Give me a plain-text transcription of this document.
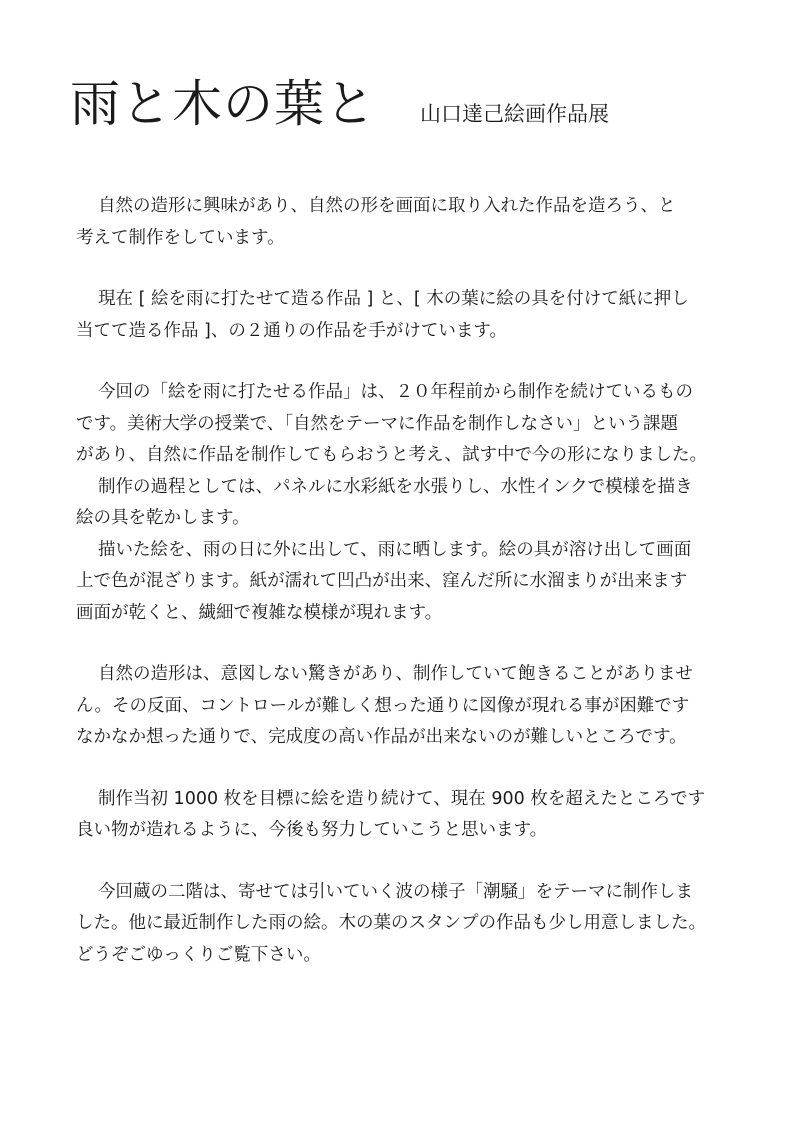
雨と木の葉と 山口達己絵画作品展
自然の造形に興味があり、自然の形を画面に取り入れた作品を造ろう、と
考えて制作をしています。
現在 [ 絵を雨に打たせて造る作品 ] と、[ 木の葉に絵の具を付けて紙に押し
当てて造る作品 ]、の２通りの作品を手がけています。
今回の「絵を雨に打たせる作品」は、２０年程前から制作を続けているもの
です。美術大学の授業で、「自然をテーマに作品を制作しなさい」という課題
があり、自然に作品を制作してもらおうと考え、試す中で今の形になりました。
制作の過程としては、パネルに水彩紙を水張りし、水性インクで模様を描き
絵の具を乾かします。
描いた絵を、雨の日に外に出して、雨に晒します。絵の具が溶け出して画面
上で色が混ざります。紙が濡れて凹凸が出来、窪んだ所に水溜まりが出来ます
画面が乾くと、繊細で複雑な模様が現れます。
自然の造形は、意図しない驚きがあり、制作していて飽きることがありませ
ん。その反面、コントロールが難しく想った通りに図像が現れる事が困難です
なかなか想った通りで、完成度の高い作品が出来ないのが難しいところです。
制作当初 1000 枚を目標に絵を造り続けて、現在 900 枚を超えたところです
良い物が造れるように、今後も努力していこうと思います。
今回蔵の二階は、寄せては引いていく波の様子「潮騒」をテーマに制作しま
した。他に最近制作した雨の絵。木の葉のスタンプの作品も少し用意しました。
どうぞごゆっくりご覧下さい。
